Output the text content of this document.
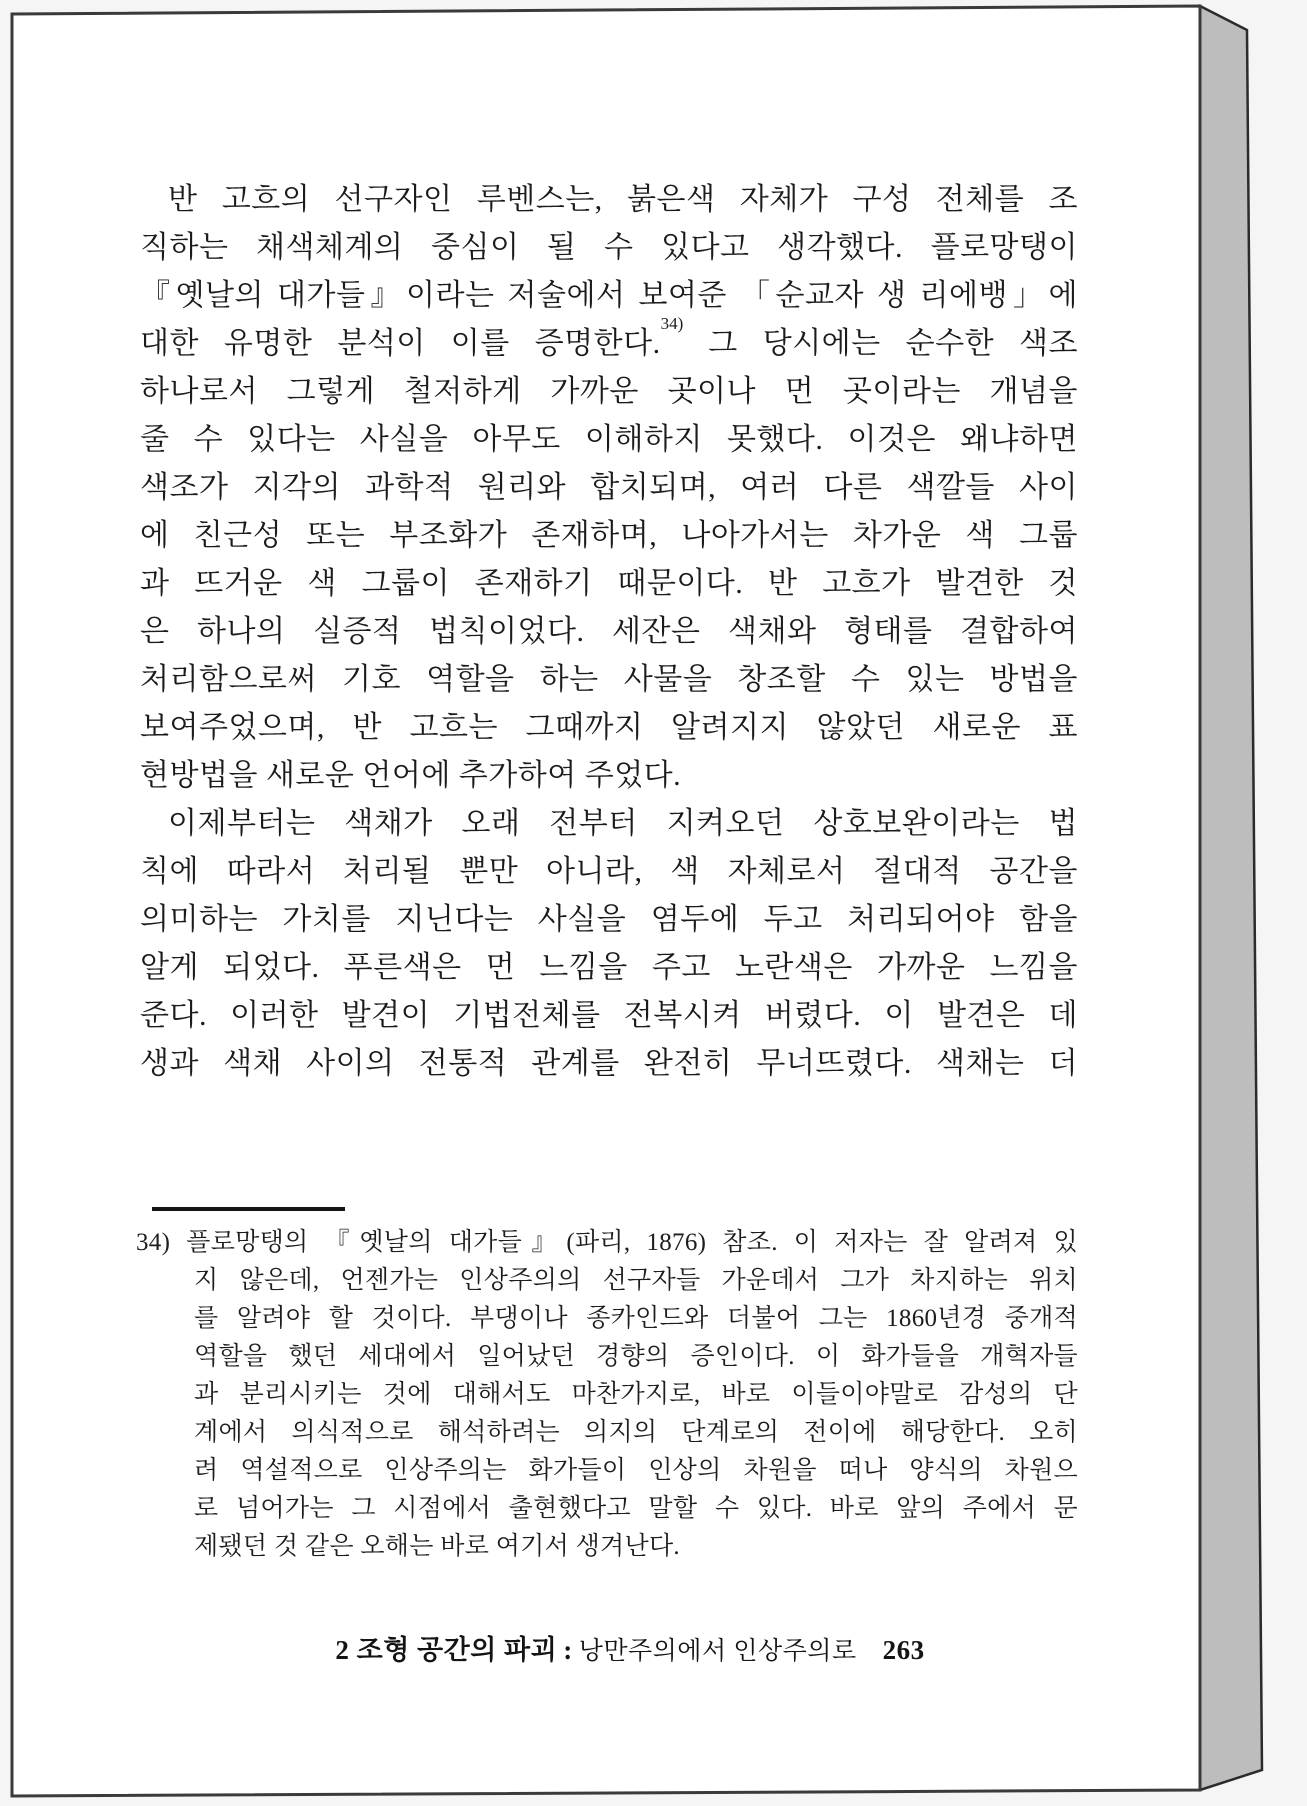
반 고흐의 선구자인 루벤스는, 붉은색 자체가 구성 전체를 조
직하는 채색체계의 중심이 될 수 있다고 생각했다. 플로망탱이
『옛날의 대가들』이라는 저술에서 보여준 「순교자 생 리에뱅」에
대한 유명한 분석이 이를 증명한다.$^{34)}$ 그 당시에는 순수한 색조
하나로서 그렇게 철저하게 가까운 곳이나 먼 곳이라는 개념을
줄 수 있다는 사실을 아무도 이해하지 못했다. 이것은 왜냐하면
색조가 지각의 과학적 원리와 합치되며, 여러 다른 색깔들 사이
에 친근성 또는 부조화가 존재하며, 나아가서는 차가운 색 그룹
과 뜨거운 색 그룹이 존재하기 때문이다. 반 고흐가 발견한 것
은 하나의 실증적 법칙이었다. 세잔은 색채와 형태를 결합하여
처리함으로써 기호 역할을 하는 사물을 창조할 수 있는 방법을
보여주었으며, 반 고흐는 그때까지 알려지지 않았던 새로운 표
현방법을 새로운 언어에 추가하여 주었다.
이제부터는 색채가 오래 전부터 지켜오던 상호보완이라는 법
칙에 따라서 처리될 뿐만 아니라, 색 자체로서 절대적 공간을
의미하는 가치를 지닌다는 사실을 염두에 두고 처리되어야 함을
알게 되었다. 푸른색은 먼 느낌을 주고 노란색은 가까운 느낌을
준다. 이러한 발견이 기법전체를 전복시켜 버렸다. 이 발견은 데
생과 색채 사이의 전통적 관계를 완전히 무너뜨렸다. 색채는 더
34) 플로망탱의 『옛날의 대가들』(파리, 1876) 참조. 이 저자는 잘 알려져 있
지 않은데, 언젠가는 인상주의의 선구자들 가운데서 그가 차지하는 위치
를 알려야 할 것이다. 부댕이나 종카인드와 더불어 그는 1860년경 중개적
역할을 했던 세대에서 일어났던 경향의 증인이다. 이 화가들을 개혁자들
과 분리시키는 것에 대해서도 마찬가지로, 바로 이들이야말로 감성의 단
계에서 의식적으로 해석하려는 의지의 단계로의 전이에 해당한다. 오히
려 역설적으로 인상주의는 화가들이 인상의 차원을 떠나 양식의 차원으
로 넘어가는 그 시점에서 출현했다고 말할 수 있다. 바로 앞의 주에서 문
제됐던 것 같은 오해는 바로 여기서 생겨난다.
2 조형 공간의 파괴 : 낭만주의에서 인상주의로 263
